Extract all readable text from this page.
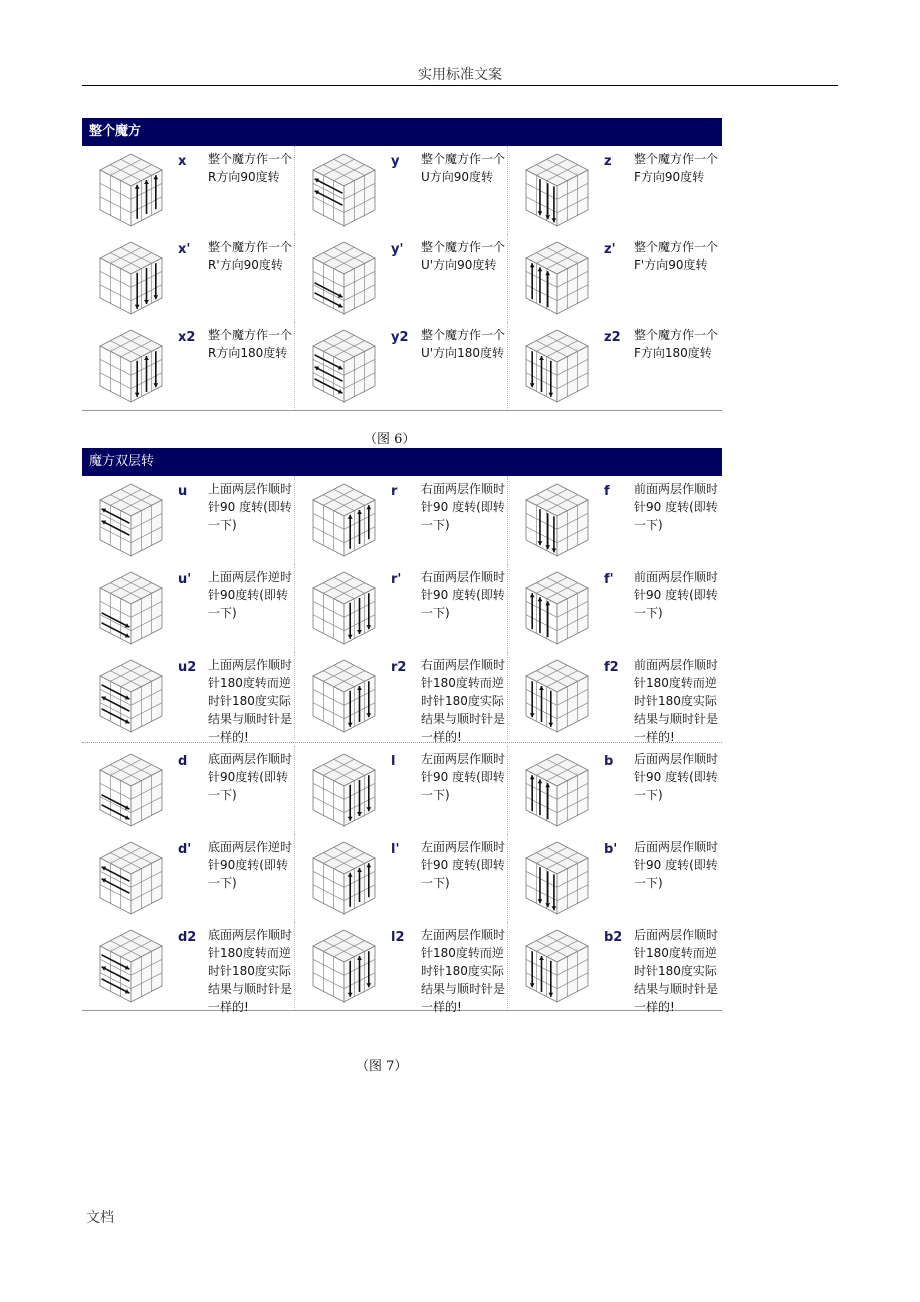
实用标准文案
整个魔方
x 整个魔方作一个R方向90度转
y 整个魔方作一个U方向90度转
z 整个魔方作一个F方向90度转
x' 整个魔方作一个R'方向90度转
y' 整个魔方作一个U'方向90度转
z' 整个魔方作一个F'方向90度转
x2 整个魔方作一个R方向180度转
y2 整个魔方作一个U'方向180度转
z2 整个魔方作一个F方向180度转
（图 6）
魔方双层转
u 上面两层作顺时针90 度转(即转一下)
r 右面两层作顺时针90 度转(即转一下)
f 前面两层作顺时针90 度转(即转一下)
u' 上面两层作逆时针90度转(即转一下)
r' 右面两层作顺时针90 度转(即转一下)
f' 前面两层作顺时针90 度转(即转一下)
u2 上面两层作顺时针180度转而逆时针180度实际结果与顺时针是一样的!
r2 右面两层作顺时针180度转而逆时针180度实际结果与顺时针是一样的!
f2 前面两层作顺时针180度转而逆时针180度实际结果与顺时针是一样的!
d 底面两层作顺时针90度转(即转一下)
l 左面两层作顺时针90 度转(即转一下)
b 后面两层作顺时针90 度转(即转一下)
d' 底面两层作逆时针90度转(即转一下)
l' 左面两层作顺时针90 度转(即转一下)
b' 后面两层作顺时针90 度转(即转一下)
d2 底面两层作顺时针180度转而逆时针180度实际结果与顺时针是一样的!
l2 左面两层作顺时针180度转而逆时针180度实际结果与顺时针是一样的!
b2 后面两层作顺时针180度转而逆时针180度实际结果与顺时针是一样的!
（图 7）
文档
